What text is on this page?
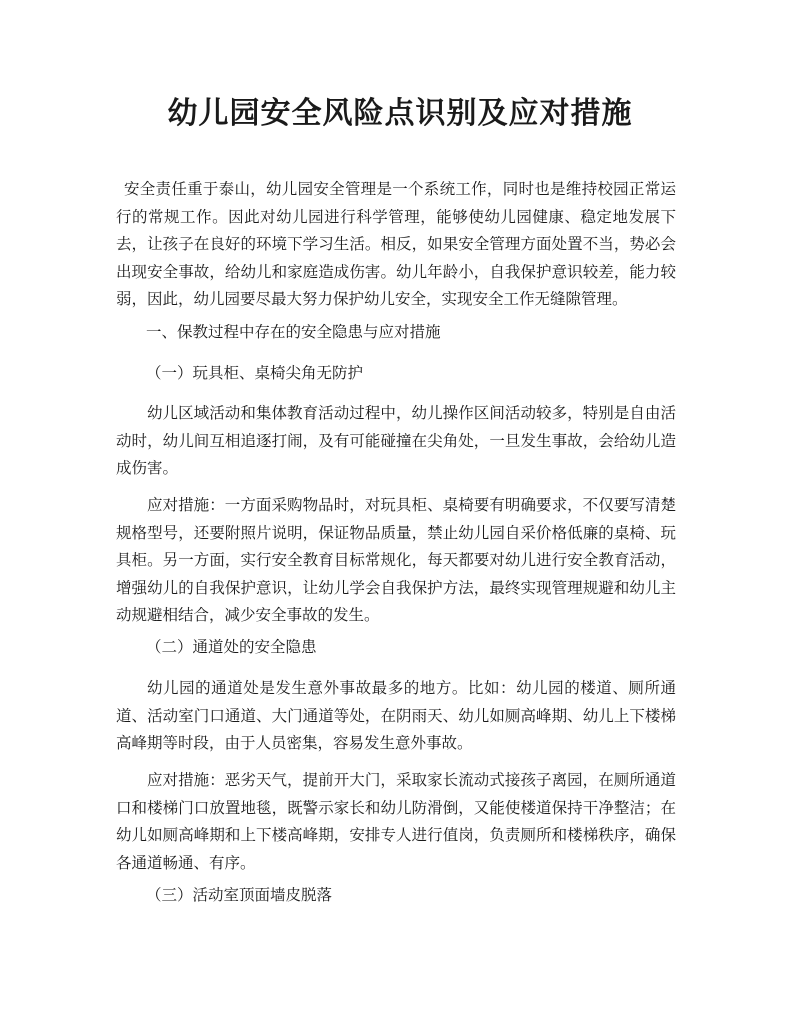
幼儿园安全风险点识别及应对措施

安全责任重于泰山，幼儿园安全管理是一个系统工作，同时也是维持校园正常运行的常规工作。因此对幼儿园进行科学管理，能够使幼儿园健康、稳定地发展下去，让孩子在良好的环境下学习生活。相反，如果安全管理方面处置不当，势必会出现安全事故，给幼儿和家庭造成伤害。幼儿年龄小，自我保护意识较差，能力较弱，因此，幼儿园要尽最大努力保护幼儿安全，实现安全工作无缝隙管理。

一、保教过程中存在的安全隐患与应对措施
（一）玩具柜、桌椅尖角无防护

幼儿区域活动和集体教育活动过程中，幼儿操作区间活动较多，特别是自由活动时，幼儿间互相追逐打闹，及有可能碰撞在尖角处，一旦发生事故，会给幼儿造成伤害。

应对措施：一方面采购物品时，对玩具柜、桌椅要有明确要求，不仅要写清楚规格型号，还要附照片说明，保证物品质量，禁止幼儿园自采价格低廉的桌椅、玩具柜。另一方面，实行安全教育目标常规化，每天都要对幼儿进行安全教育活动，增强幼儿的自我保护意识，让幼儿学会自我保护方法，最终实现管理规避和幼儿主动规避相结合，减少安全事故的发生。

（二）通道处的安全隐患

幼儿园的通道处是发生意外事故最多的地方。比如：幼儿园的楼道、厕所通道、活动室门口通道、大门通道等处，在阴雨天、幼儿如厕高峰期、幼儿上下楼梯高峰期等时段，由于人员密集，容易发生意外事故。

应对措施：恶劣天气，提前开大门，采取家长流动式接孩子离园，在厕所通道口和楼梯门口放置地毯，既警示家长和幼儿防滑倒，又能使楼道保持干净整洁；在幼儿如厕高峰期和上下楼高峰期，安排专人进行值岗，负责厕所和楼梯秩序，确保各通道畅通、有序。

（三）活动室顶面墙皮脱落
